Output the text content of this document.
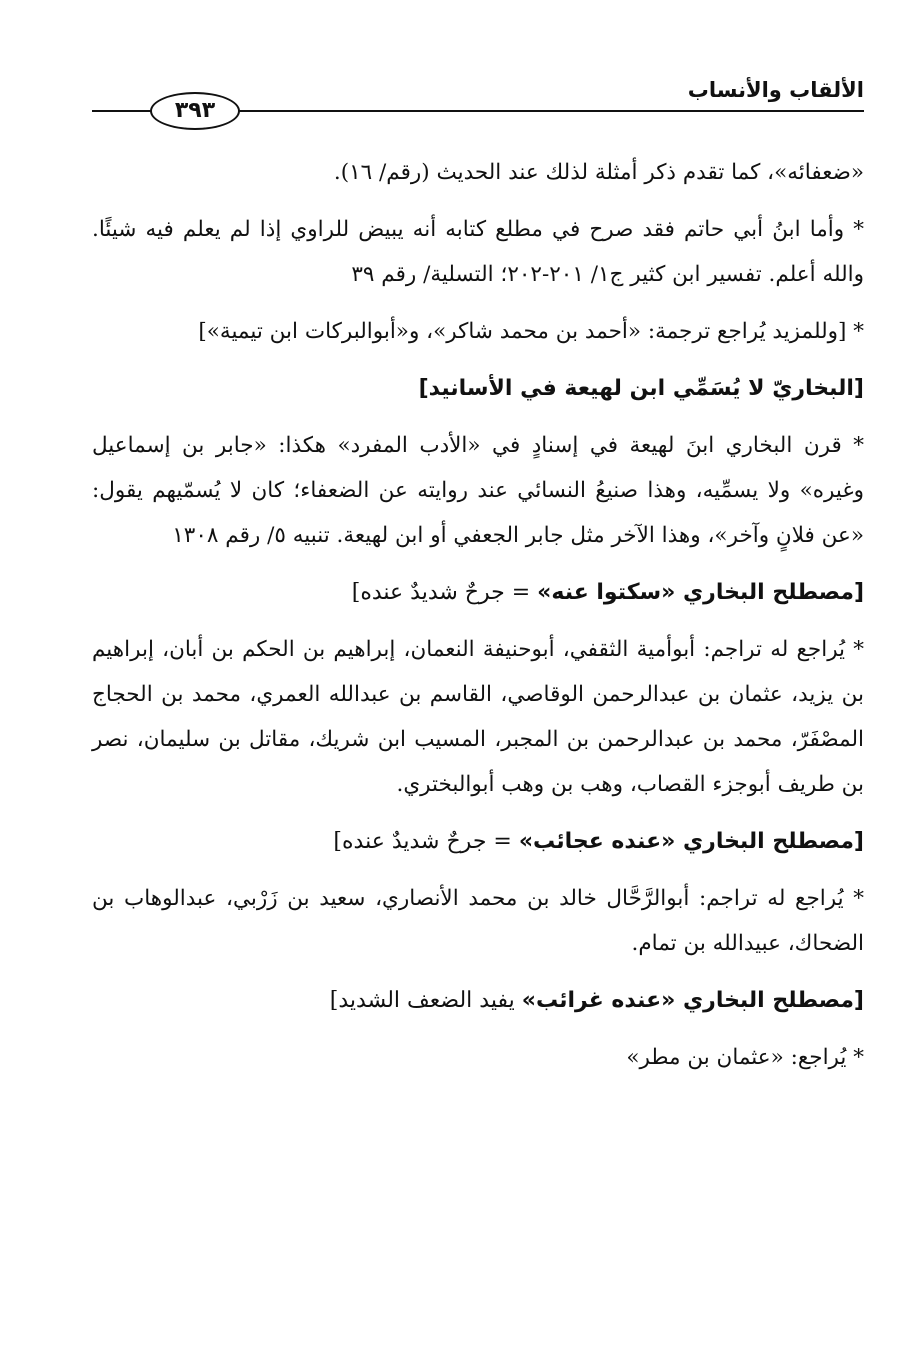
الألقاب والأنساب
٣٩٣

«ضعفائه»، كما تقدم ذكر أمثلة لذلك عند الحديث (رقم/ ١٦).

* وأما ابنُ أبي حاتم فقد صرح في مطلع كتابه أنه يبيض للراوي إذا لم يعلم فيه شيئًا. والله أعلم. تفسير ابن كثير ج١/ ٢٠١-٢٠٢؛ التسلية/ رقم ٣٩

* [وللمزيد يُراجع ترجمة: «أحمد بن محمد شاكر»، و«أبوالبركات ابن تيمية»]

[البخاريّ لا يُسَمِّي ابن لهيعة في الأسانيد]

* قرن البخاري ابنَ لهيعة في إسنادٍ في «الأدب المفرد» هكذا: «جابر بن إسماعيل وغيره» ولا يسمِّيه، وهذا صنيعُ النسائي عند روايته عن الضعفاء؛ كان لا يُسمّيهم يقول: «عن فلانٍ وآخر»، وهذا الآخر مثل جابر الجعفي أو ابن لهيعة. تنبيه ٥/ رقم ١٣٠٨

[مصطلح البخاري «سكتوا عنه» = جرحٌ شديدٌ عنده]

* يُراجع له تراجم: أبوأمية الثقفي، أبوحنيفة النعمان، إبراهيم بن الحكم بن أبان، إبراهيم بن يزيد، عثمان بن عبدالرحمن الوقاصي، القاسم بن عبدالله العمري، محمد بن الحجاج المصْفَرّ، محمد بن عبدالرحمن بن المجبر، المسيب ابن شريك، مقاتل بن سليمان، نصر بن طريف أبوجزء القصاب، وهب بن وهب أبوالبختري.

[مصطلح البخاري «عنده عجائب» = جرحٌ شديدٌ عنده]

* يُراجع له تراجم: أبوالرَّحَّال خالد بن محمد الأنصاري، سعيد بن زَرْبي، عبدالوهاب بن الضحاك، عبيدالله بن تمام.

[مصطلح البخاري «عنده غرائب» يفيد الضعف الشديد]

* يُراجع: «عثمان بن مطر»
